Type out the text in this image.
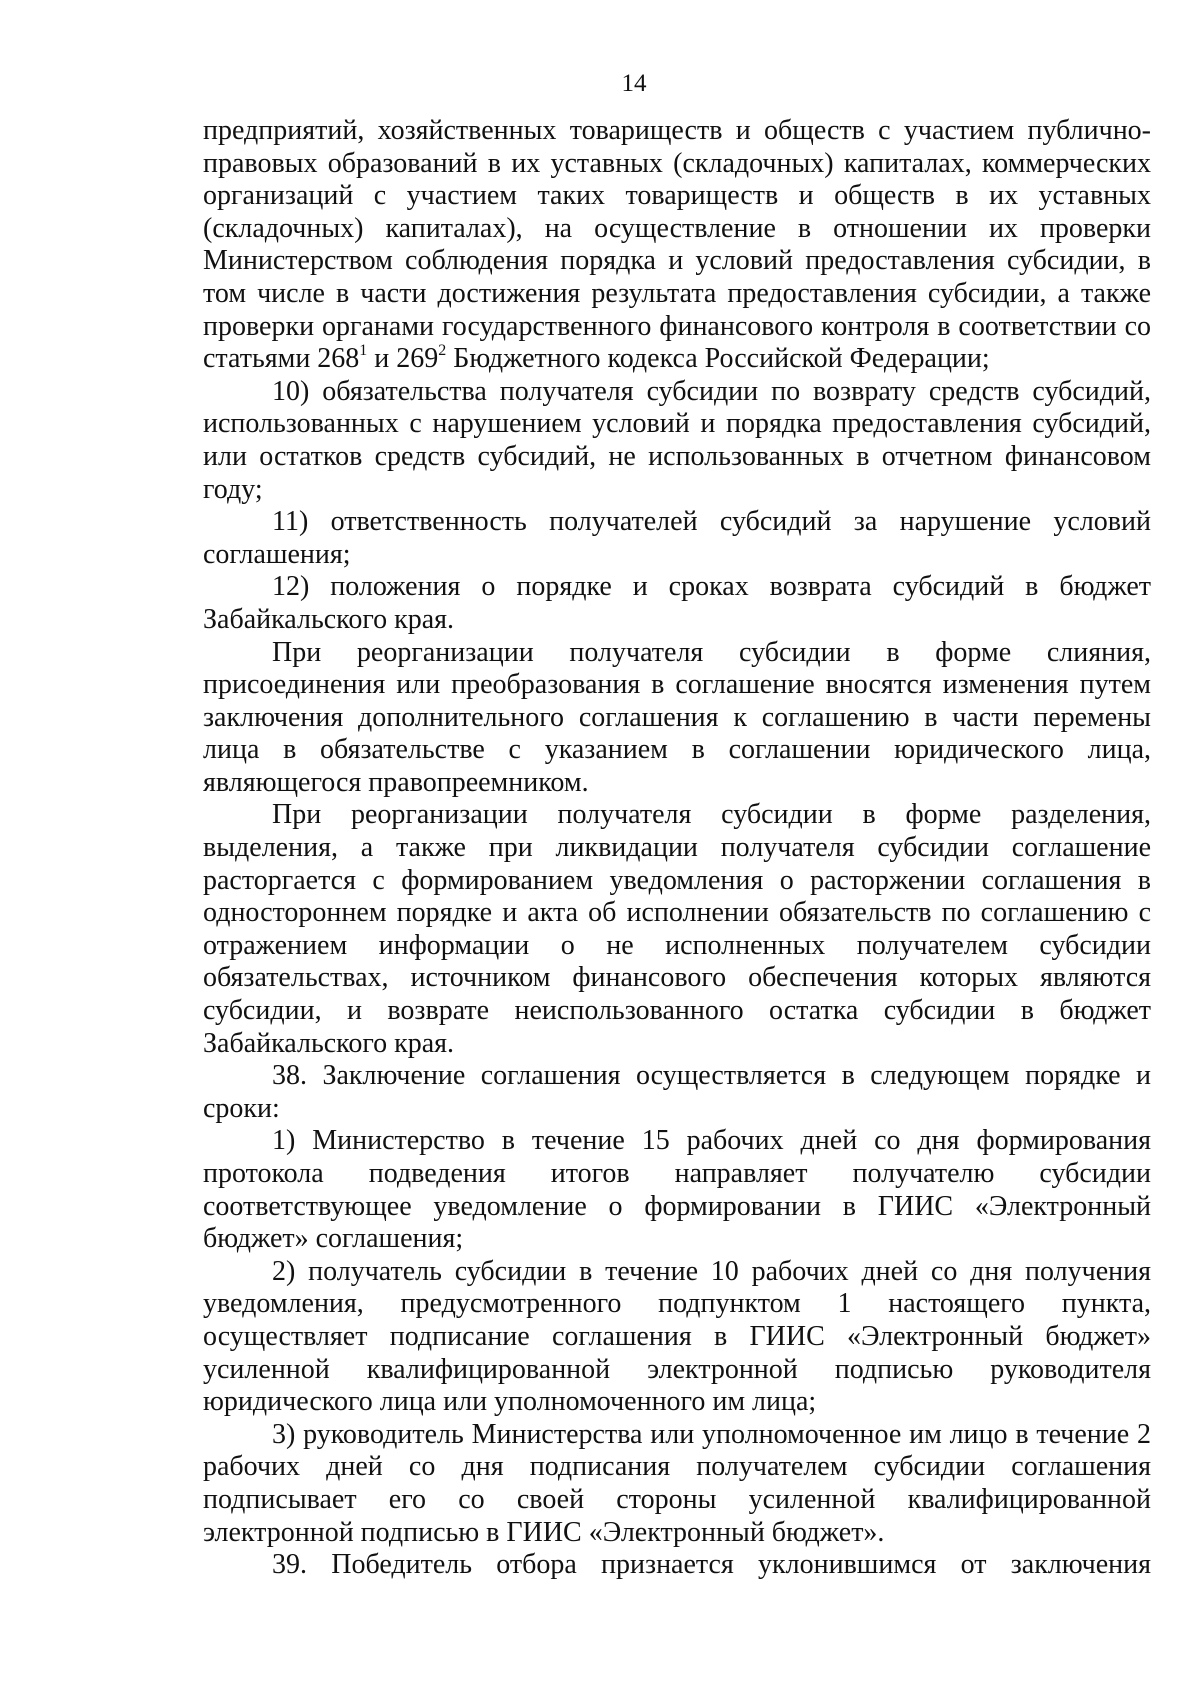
14

предприятий, хозяйственных товариществ и обществ с участием публично-правовых образований в их уставных (складочных) капиталах, коммерческих организаций с участием таких товариществ и обществ в их уставных (складочных) капиталах), на осуществление в отношении их проверки Министерством соблюдения порядка и условий предоставления субсидии, в том числе в части достижения результата предоставления субсидии, а также проверки органами государственного финансового контроля в соответствии со статьями $268^1$ и $269^2$ Бюджетного кодекса Российской Федерации;

10) обязательства получателя субсидии по возврату средств субсидий, использованных с нарушением условий и порядка предоставления субсидий, или остатков средств субсидий, не использованных в отчетном финансовом году;

11) ответственность получателей субсидий за нарушение условий соглашения;

12) положения о порядке и сроках возврата субсидий в бюджет Забайкальского края.

При реорганизации получателя субсидии в форме слияния, присоединения или преобразования в соглашение вносятся изменения путем заключения дополнительного соглашения к соглашению в части перемены лица в обязательстве с указанием в соглашении юридического лица, являющегося правопреемником.

При реорганизации получателя субсидии в форме разделения, выделения, а также при ликвидации получателя субсидии соглашение расторгается с формированием уведомления о расторжении соглашения в одностороннем порядке и акта об исполнении обязательств по соглашению с отражением информации о не исполненных получателем субсидии обязательствах, источником финансового обеспечения которых являются субсидии, и возврате неиспользованного остатка субсидии в бюджет Забайкальского края.

38. Заключение соглашения осуществляется в следующем порядке и сроки:

1) Министерство в течение 15 рабочих дней со дня формирования протокола подведения итогов направляет получателю субсидии соответствующее уведомление о формировании в ГИИС «Электронный бюджет» соглашения;

2) получатель субсидии в течение 10 рабочих дней со дня получения уведомления, предусмотренного подпунктом 1 настоящего пункта, осуществляет подписание соглашения в ГИИС «Электронный бюджет» усиленной квалифицированной электронной подписью руководителя юридического лица или уполномоченного им лица;

3) руководитель Министерства или уполномоченное им лицо в течение 2 рабочих дней со дня подписания получателем субсидии соглашения подписывает его со своей стороны усиленной квалифицированной электронной подписью в ГИИС «Электронный бюджет».

39. Победитель отбора признается уклонившимся от заключения
